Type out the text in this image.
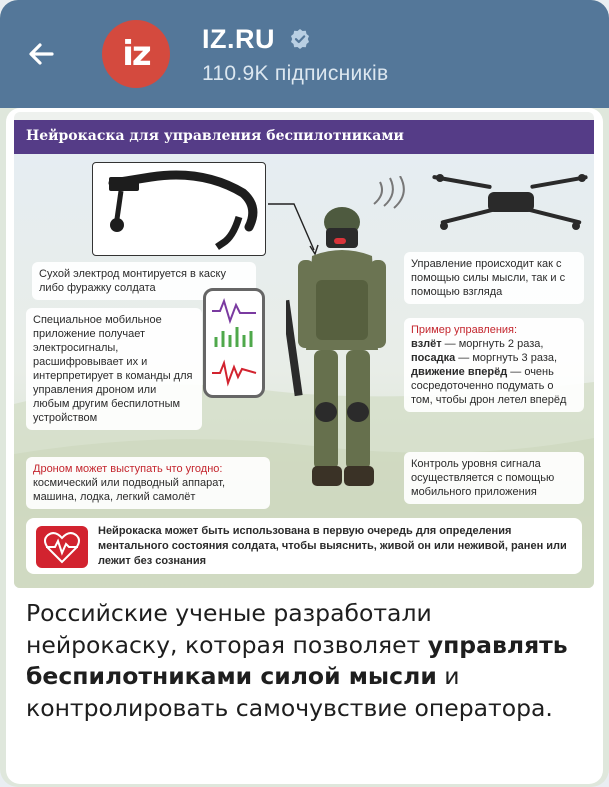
iz	IZ.RU
110.9K підписників
Нейрокаска для управления беспилотниками
Сухой электрод монтируется в каску либо фуражку солдата
Специальное мобильное приложение получает электросигналы, расшифровывает их и интерпретирует в команды для управления дроном или любым другим беспилотным устройством
Дроном может выступать что угодно: космический или подводный аппарат, машина, лодка, легкий самолёт
Управление происходит как с помощью силы мысли, так и с помощью взгляда
Пример управления:
взлёт — моргнуть 2 раза,
посадка — моргнуть 3 раза,
движение вперёд — очень сосредоточенно подумать о том, чтобы дрон летел вперёд
Контроль уровня сигнала осуществляется с помощью мобильного приложения
Нейрокаска может быть использована в первую очередь для определения ментального состояния солдата, чтобы выяснить, живой он или неживой, ранен или лежит без сознания
Российские ученые разработали нейрокаску, которая позволяет управлять беспилотниками силой мысли и контролировать самочувствие оператора.
